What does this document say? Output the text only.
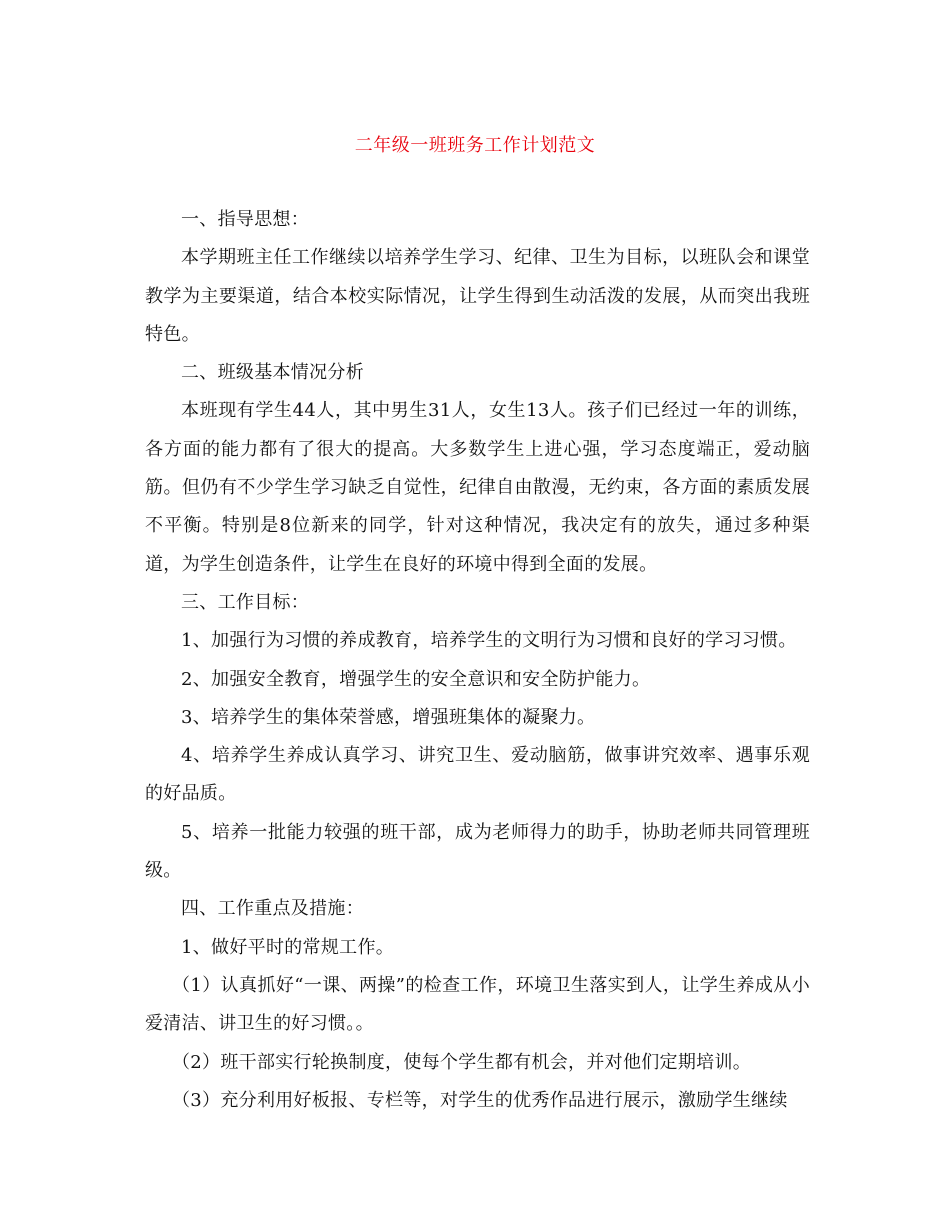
二年级一班班务工作计划范文

一、指导思想：

本学期班主任工作继续以培养学生学习、纪律、卫生为目标，以班队会和课堂教学为主要渠道，结合本校实际情况，让学生得到生动活泼的发展，从而突出我班特色。

二、班级基本情况分析

本班现有学生44人，其中男生31人，女生13人。孩子们已经过一年的训练，各方面的能力都有了很大的提高。大多数学生上进心强，学习态度端正，爱动脑筋。但仍有不少学生学习缺乏自觉性，纪律自由散漫，无约束，各方面的素质发展不平衡。特别是8位新来的同学，针对这种情况，我决定有的放失，通过多种渠道，为学生创造条件，让学生在良好的环境中得到全面的发展。

三、工作目标：

1、加强行为习惯的养成教育，培养学生的文明行为习惯和良好的学习习惯。

2、加强安全教育，增强学生的安全意识和安全防护能力。

3、培养学生的集体荣誉感，增强班集体的凝聚力。

4、培养学生养成认真学习、讲究卫生、爱动脑筋，做事讲究效率、遇事乐观的好品质。

5、培养一批能力较强的班干部，成为老师得力的助手，协助老师共同管理班级。

四、工作重点及措施：

1、做好平时的常规工作。

（1）认真抓好“一课、两操”的检查工作，环境卫生落实到人，让学生养成从小爱清洁、讲卫生的好习惯。。

（2）班干部实行轮换制度，使每个学生都有机会，并对他们定期培训。

（3）充分利用好板报、专栏等，对学生的优秀作品进行展示，激励学生继续
